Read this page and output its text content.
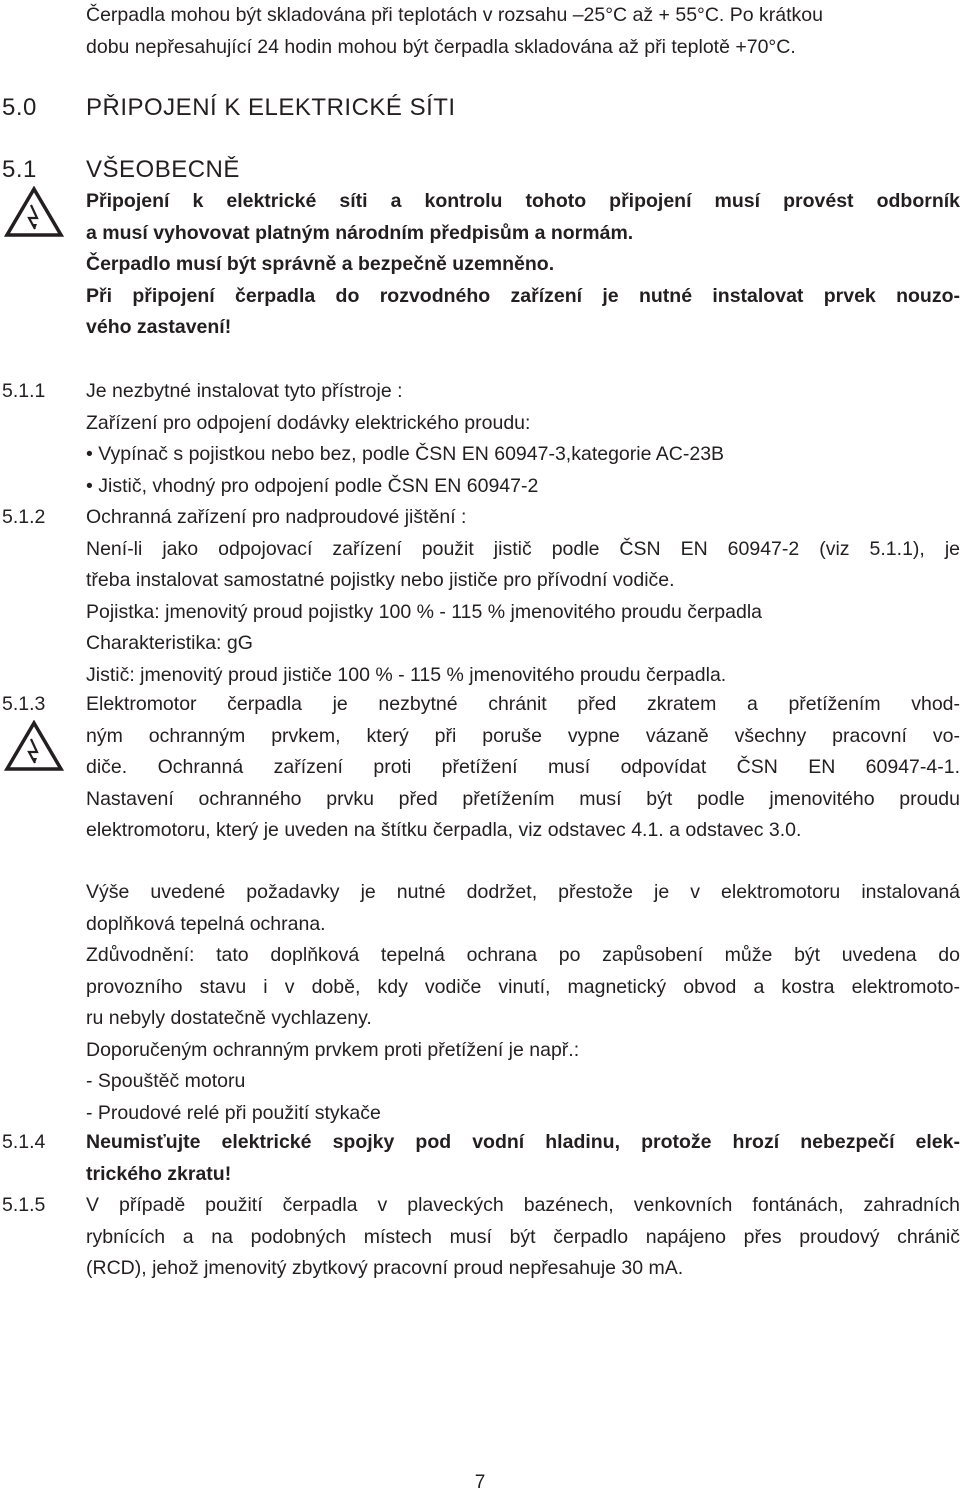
Čerpadla mohou být skladována při teplotách v rozsahu –25°C až + 55°C. Po krátkou

dobu nepřesahující 24 hodin mohou být čerpadla skladována až při teplotě +70°C.

5.0 PŘIPOJENÍ K ELEKTRICKÉ SÍTI
5.1 VŠEOBECNĚ
Připojení k elektrické síti a kontrolu tohoto připojení musí provést odborník
a musí vyhovovat platným národním předpisům a normám.
Čerpadlo musí být správně a bezpečně uzemněno.
Při připojení čerpadla do rozvodného zařízení je nutné instalovat prvek nouzo-
vého zastavení!
5.1.1 Je nezbytné instalovat tyto přístroje :

Zařízení pro odpojení dodávky elektrického proudu:

• Vypínač s pojistkou nebo bez, podle ČSN EN 60947-3,kategorie AC-23B

• Jistič, vhodný pro odpojení podle ČSN EN 60947-2

5.1.2 Ochranná zařízení pro nadproudové jištění :
Není-li jako odpojovací zařízení použit jistič podle ČSN EN 60947-2 (viz 5.1.1), je
třeba instalovat samostatné pojistky nebo jističe pro přívodní vodiče.
Pojistka: jmenovitý proud pojistky 100 % - 115 % jmenovitého proudu čerpadla
Charakteristika: gG
Jistič: jmenovitý proud jističe 100 % - 115 % jmenovitého proudu čerpadla.
5.1.3 Elektromotor čerpadla je nezbytné chránit před zkratem a přetížením vhod-
ným ochranným prvkem, který při poruše vypne vázaně všechny pracovní vo-
diče. Ochranná zařízení proti přetížení musí odpovídat ČSN EN 60947-4-1.
Nastavení ochranného prvku před přetížením musí být podle jmenovitého proudu
elektromotoru, který je uveden na štítku čerpadla, viz odstavec 4.1. a odstavec 3.0.
Výše uvedené požadavky je nutné dodržet, přestože je v elektromotoru instalovaná
doplňková tepelná ochrana.
Zdůvodnění: tato doplňková tepelná ochrana po zapůsobení může být uvedena do
provozního stavu i v době, kdy vodiče vinutí, magnetický obvod a kostra elektromoto-
ru nebyly dostatečně vychlazeny.
Doporučeným ochranným prvkem proti přetížení je např.:
- Spouštěč motoru
- Proudové relé při použití stykače
5.1.4 Neumisťujte elektrické spojky pod vodní hladinu, protože hrozí nebezpečí elek-
trického zkratu!
5.1.5 V případě použití čerpadla v plaveckých bazénech, venkovních fontánách, zahradních
rybnících a na podobných místech musí být čerpadlo napájeno přes proudový chránič
(RCD), jehož jmenovitý zbytkový pracovní proud nepřesahuje 30 mA.
7
